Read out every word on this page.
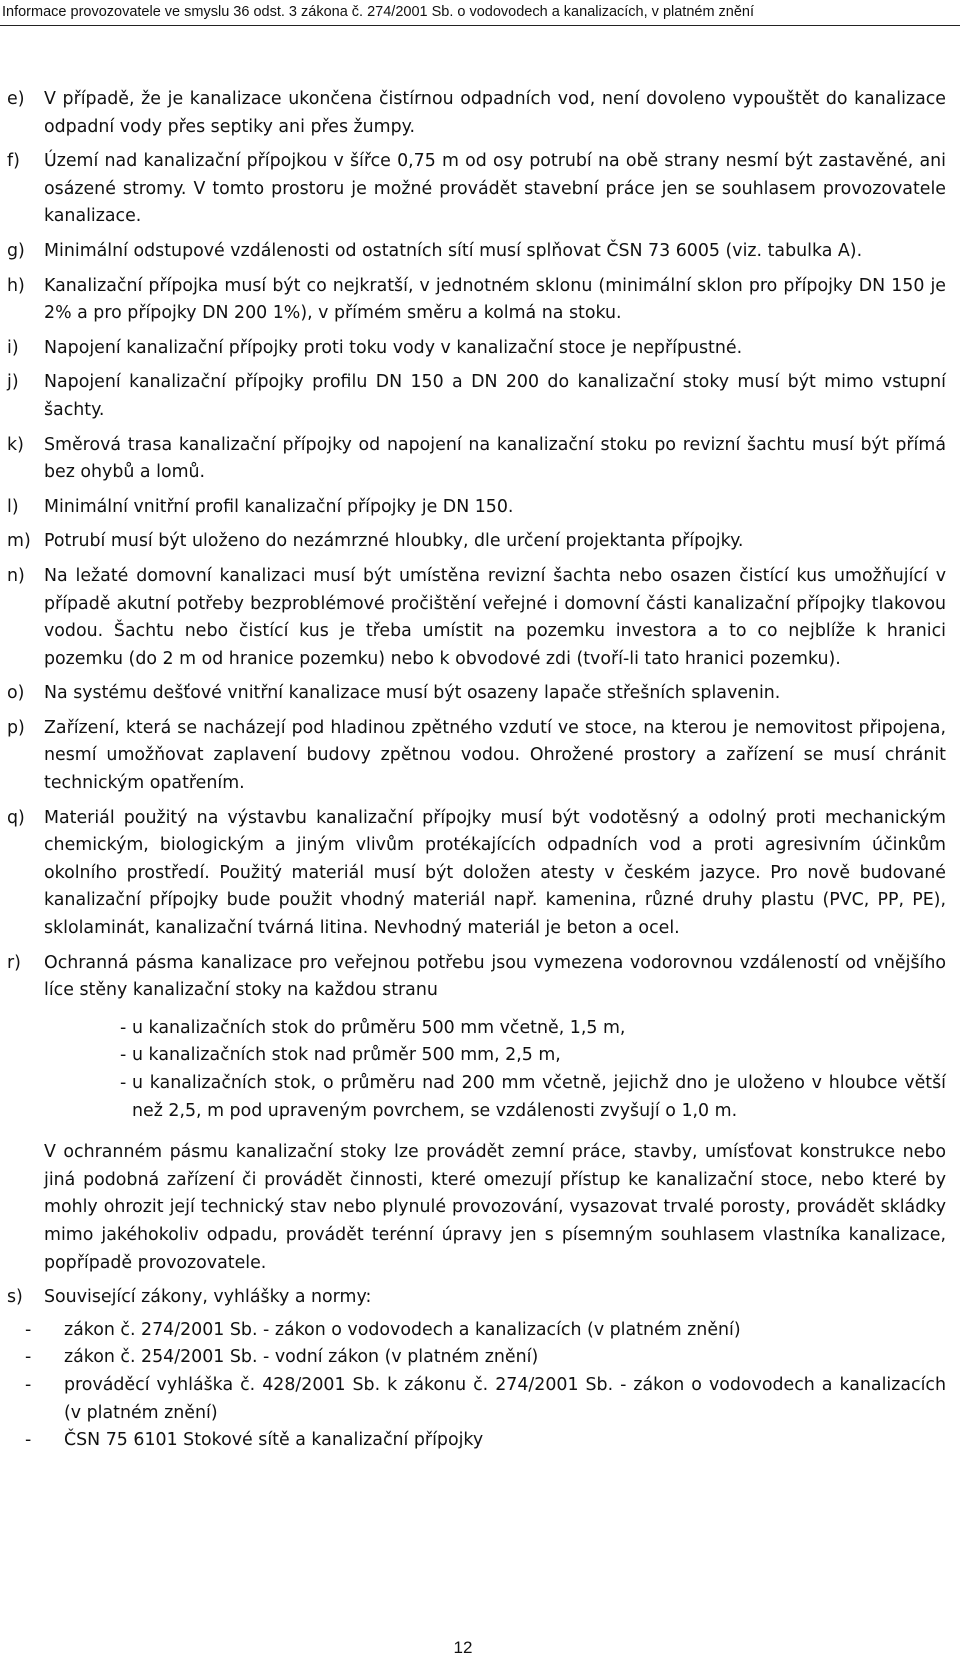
Informace provozovatele ve smyslu 36 odst. 3 zákona č. 274/2001 Sb. o vodovodech a kanalizacích, v platném znění
e)	V případě, že je kanalizace ukončena čistírnou odpadních vod, není dovoleno vypouštět do kanalizace odpadní vody přes septiky ani přes žumpy.
f)	Území nad kanalizační přípojkou v šířce 0,75 m od osy potrubí na obě strany nesmí být zastavěné, ani osázené stromy. V tomto prostoru je možné provádět stavební práce jen se souhlasem provozovatele kanalizace.
g)	Minimální odstupové vzdálenosti od ostatních sítí musí splňovat ČSN 73 6005 (viz. tabulka A).
h)	Kanalizační přípojka musí být co nejkratší, v jednotném sklonu (minimální sklon pro přípojky DN 150 je 2% a pro přípojky DN 200 1%), v přímém směru a kolmá na stoku.
i)	Napojení kanalizační přípojky proti toku vody v kanalizační stoce je nepřípustné.
j)	Napojení kanalizační přípojky profilu DN 150 a DN 200 do kanalizační stoky musí být mimo vstupní šachty.
k)	Směrová trasa kanalizační přípojky od napojení na kanalizační stoku po revizní šachtu musí být přímá bez ohybů a lomů.
l)	Minimální vnitřní profil kanalizační přípojky je DN 150.
m) Potrubí musí být uloženo do nezámrzné hloubky, dle určení projektanta přípojky.
n)	Na ležaté domovní kanalizaci musí být umístěna revizní šachta nebo osazen čistící kus umožňující v případě akutní potřeby bezproblémové pročištění veřejné i domovní části kanalizační přípojky tlakovou vodou. Šachtu nebo čistící kus je třeba umístit na pozemku investora a to co nejblíže k hranici pozemku (do 2 m od hranice pozemku) nebo k obvodové zdi (tvoří-li tato hranici pozemku).
o)	Na systému dešťové vnitřní kanalizace musí být osazeny lapače střešních splavenin.
p)	Zařízení, která se nacházejí pod hladinou zpětného vzdutí ve stoce, na kterou je nemovitost připojena, nesmí umožňovat zaplavení budovy zpětnou vodou. Ohrožené prostory a zařízení se musí chránit technickým opatřením.
q)	Materiál použitý na výstavbu kanalizační přípojky musí být vodotěsný a odolný proti mechanickým chemickým, biologickým a jiným vlivům protékajících odpadních vod a proti agresivním účinkům okolního prostředí. Použitý materiál musí být doložen atesty v českém jazyce. Pro nově budované kanalizační přípojky bude použit vhodný materiál např. kamenina, různé druhy plastu (PVC, PP, PE), sklolaminát, kanalizační tvárná litina. Nevhodný materiál je beton a ocel.
r)	Ochranná pásma kanalizace pro veřejnou potřebu jsou vymezena vodorovnou vzdáleností od vnějšího líce stěny kanalizační stoky na každou stranu
- u kanalizačních stok do průměru 500 mm včetně, 1,5 m,
- u kanalizačních stok nad průměr 500 mm, 2,5 m,
- u kanalizačních stok, o průměru nad 200 mm včetně, jejichž dno je uloženo v hloubce větší než 2,5, m pod upraveným povrchem, se vzdálenosti zvyšují o 1,0 m.
V ochranném pásmu kanalizační stoky lze provádět zemní práce, stavby, umísťovat konstrukce nebo jiná podobná zařízení či provádět činnosti, které omezují přístup ke kanalizační stoce, nebo které by mohly ohrozit její technický stav nebo plynulé provozování, vysazovat trvalé porosty, provádět skládky mimo jakéhokoliv odpadu, provádět terénní úpravy jen s písemným souhlasem vlastníka kanalizace, popřípadě provozovatele.
s)	Související zákony, vyhlášky a normy:
-	zákon č. 274/2001 Sb. - zákon o vodovodech a kanalizacích (v platném znění)
-	zákon č. 254/2001 Sb. - vodní zákon (v platném znění)
-	prováděcí vyhláška č. 428/2001 Sb. k zákonu č. 274/2001 Sb. - zákon o vodovodech a kanalizacích (v platném znění)
-	ČSN 75 6101 Stokové sítě a kanalizační přípojky
12
